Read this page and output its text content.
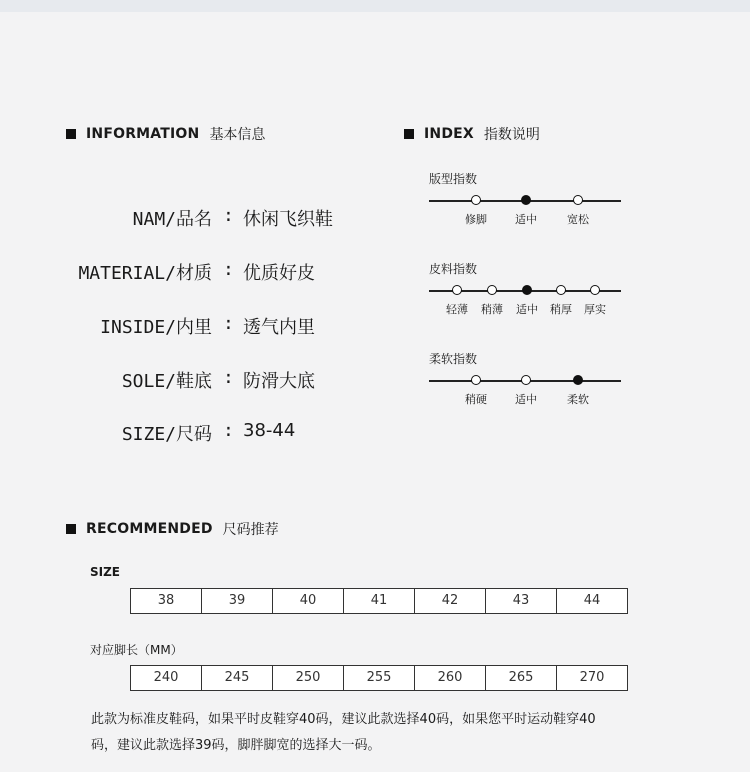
INFORMATION 基本信息
NAM/品名 : 休闲飞织鞋
MATERIAL/材质 : 优质好皮
INSIDE/内里 : 透气内里
SOLE/鞋底 : 防滑大底
SIZE/尺码 : 38-44
INDEX 指数说明
版型指数
修脚	适中	宽松
皮料指数
轻薄 稍薄 适中 稍厚 厚实
柔软指数
稍硬	适中	柔软
RECOMMENDED 尺码推荐
SIZE
38	39	40	41	42	43	44
对应脚长（MM）
240	245	250	255	260	265	270
此款为标准皮鞋码，如果平时皮鞋穿40码，建议此款选择40码，如果您平时运动鞋穿40
码，建议此款选择39码，脚胖脚宽的选择大一码。
